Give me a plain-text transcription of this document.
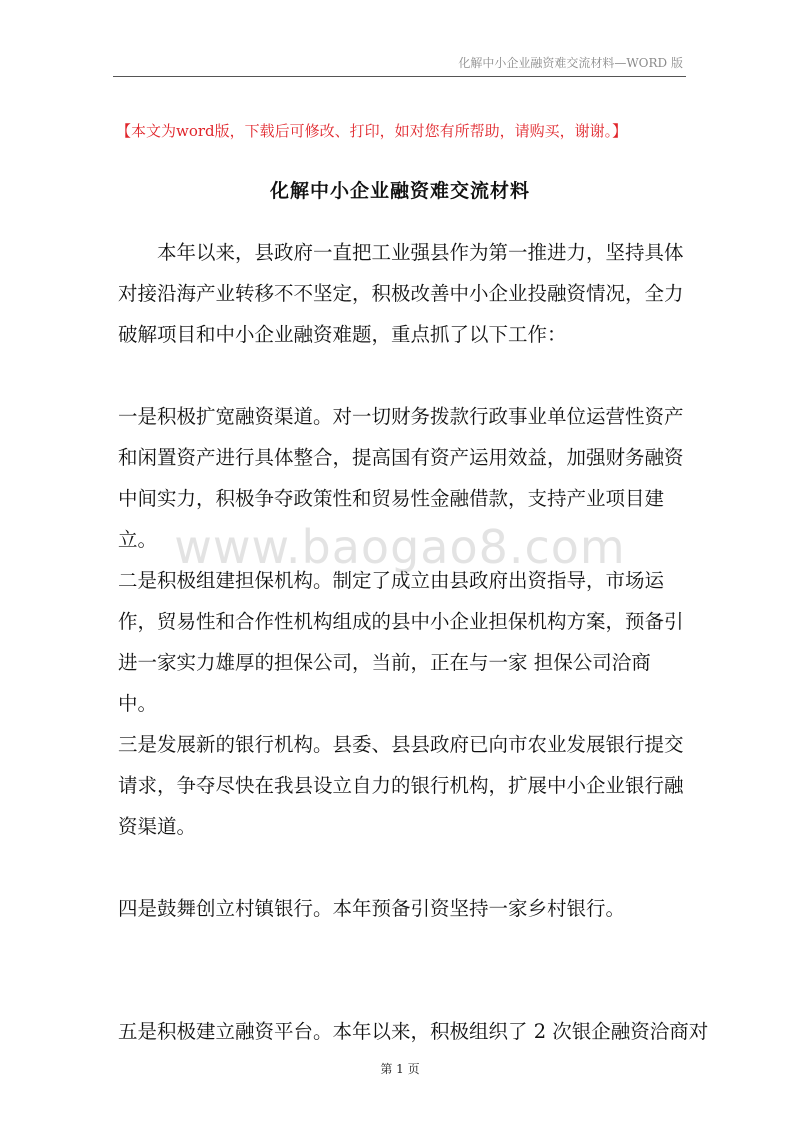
化解中小企业融资难交流材料—WORD 版
【本文为word版，下载后可修改、打印，如对您有所帮助，请购买，谢谢。】
化解中小企业融资难交流材料
本年以来，县政府一直把工业强县作为第一推进力，坚持具体对接沿海产业转移不不坚定，积极改善中小企业投融资情况，全力破解项目和中小企业融资难题，重点抓了以下工作：
一是积极扩宽融资渠道。对一切财务拨款行政事业单位运营性资产和闲置资产进行具体整合，提高国有资产运用效益，加强财务融资中间实力，积极争夺政策性和贸易性金融借款，支持产业项目建立。
二是积极组建担保机构。制定了成立由县政府出资指导，市场运作，贸易性和合作性机构组成的县中小企业担保机构方案，预备引进一家实力雄厚的担保公司，当前，正在与一家 担保公司洽商中。
三是发展新的银行机构。县委、县县政府已向市农业发展银行提交请求，争夺尽快在我县设立自力的银行机构，扩展中小企业银行融资渠道。
四是鼓舞创立村镇银行。本年预备引资坚持一家乡村银行。
五是积极建立融资平台。本年以来，积极组织了 2 次银企融资洽商对
www.baogao8.com
第 1 页
